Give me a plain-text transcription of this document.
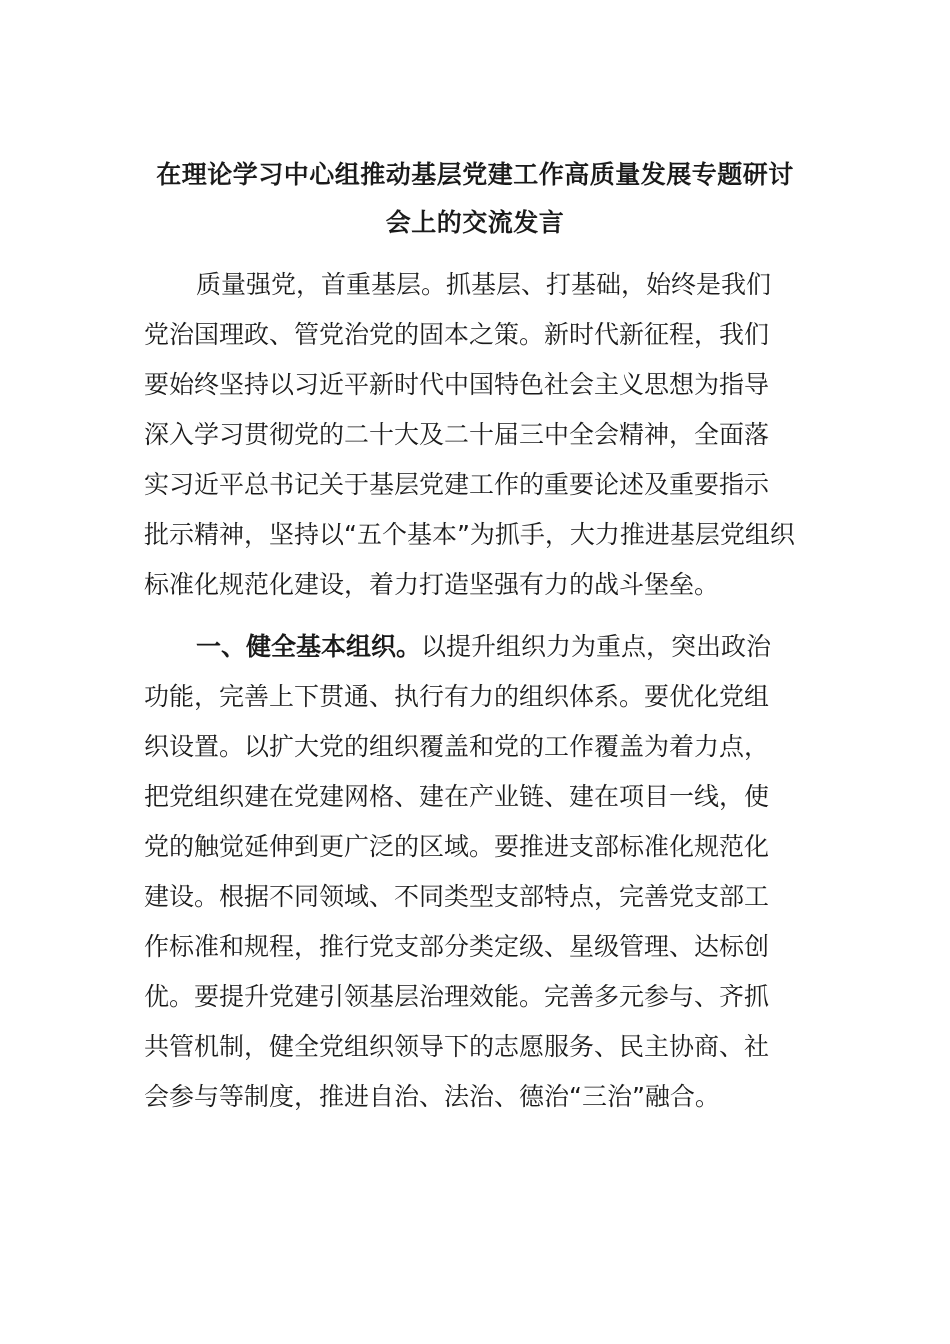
在理论学习中心组推动基层党建工作高质量发展专题研讨
会上的交流发言
质量强党，首重基层。抓基层、打基础，始终是我们
党治国理政、管党治党的固本之策。新时代新征程，我们
要始终坚持以习近平新时代中国特色社会主义思想为指导
深入学习贯彻党的二十大及二十届三中全会精神，全面落
实习近平总书记关于基层党建工作的重要论述及重要指示
批示精神，坚持以“五个基本”为抓手，大力推进基层党组织
标准化规范化建设，着力打造坚强有力的战斗堡垒。
一、健全基本组织。以提升组织力为重点，突出政治
功能，完善上下贯通、执行有力的组织体系。要优化党组
织设置。以扩大党的组织覆盖和党的工作覆盖为着力点，
把党组织建在党建网格、建在产业链、建在项目一线，使
党的触觉延伸到更广泛的区域。要推进支部标准化规范化
建设。根据不同领域、不同类型支部特点，完善党支部工
作标准和规程，推行党支部分类定级、星级管理、达标创
优。要提升党建引领基层治理效能。完善多元参与、齐抓
共管机制，健全党组织领导下的志愿服务、民主协商、社
会参与等制度，推进自治、法治、德治“三治”融合。
